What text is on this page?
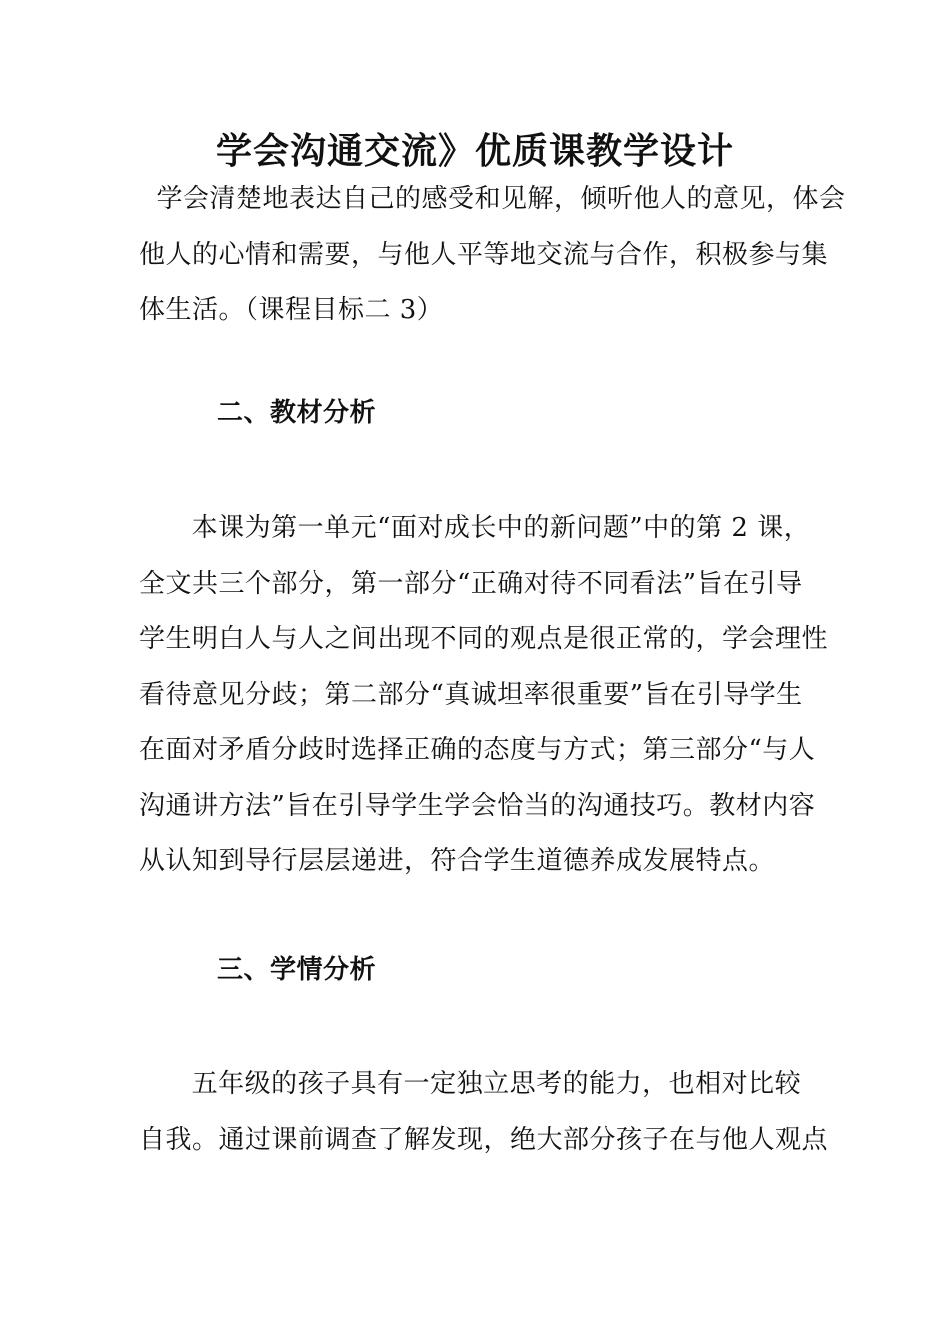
学会沟通交流》优质课教学设计

学会清楚地表达自己的感受和见解，倾听他人的意见，体会
他人的心情和需要，与他人平等地交流与合作，积极参与集
体生活。（课程目标二 3）

二、教材分析

本课为第一单元“面对成长中的新问题”中的第 2 课，
全文共三个部分，第一部分“正确对待不同看法”旨在引导
学生明白人与人之间出现不同的观点是很正常的，学会理性
看待意见分歧；第二部分“真诚坦率很重要”旨在引导学生
在面对矛盾分歧时选择正确的态度与方式；第三部分“与人
沟通讲方法”旨在引导学生学会恰当的沟通技巧。教材内容
从认知到导行层层递进，符合学生道德养成发展特点。

三、学情分析

五年级的孩子具有一定独立思考的能力，也相对比较
自我。通过课前调查了解发现，绝大部分孩子在与他人观点
